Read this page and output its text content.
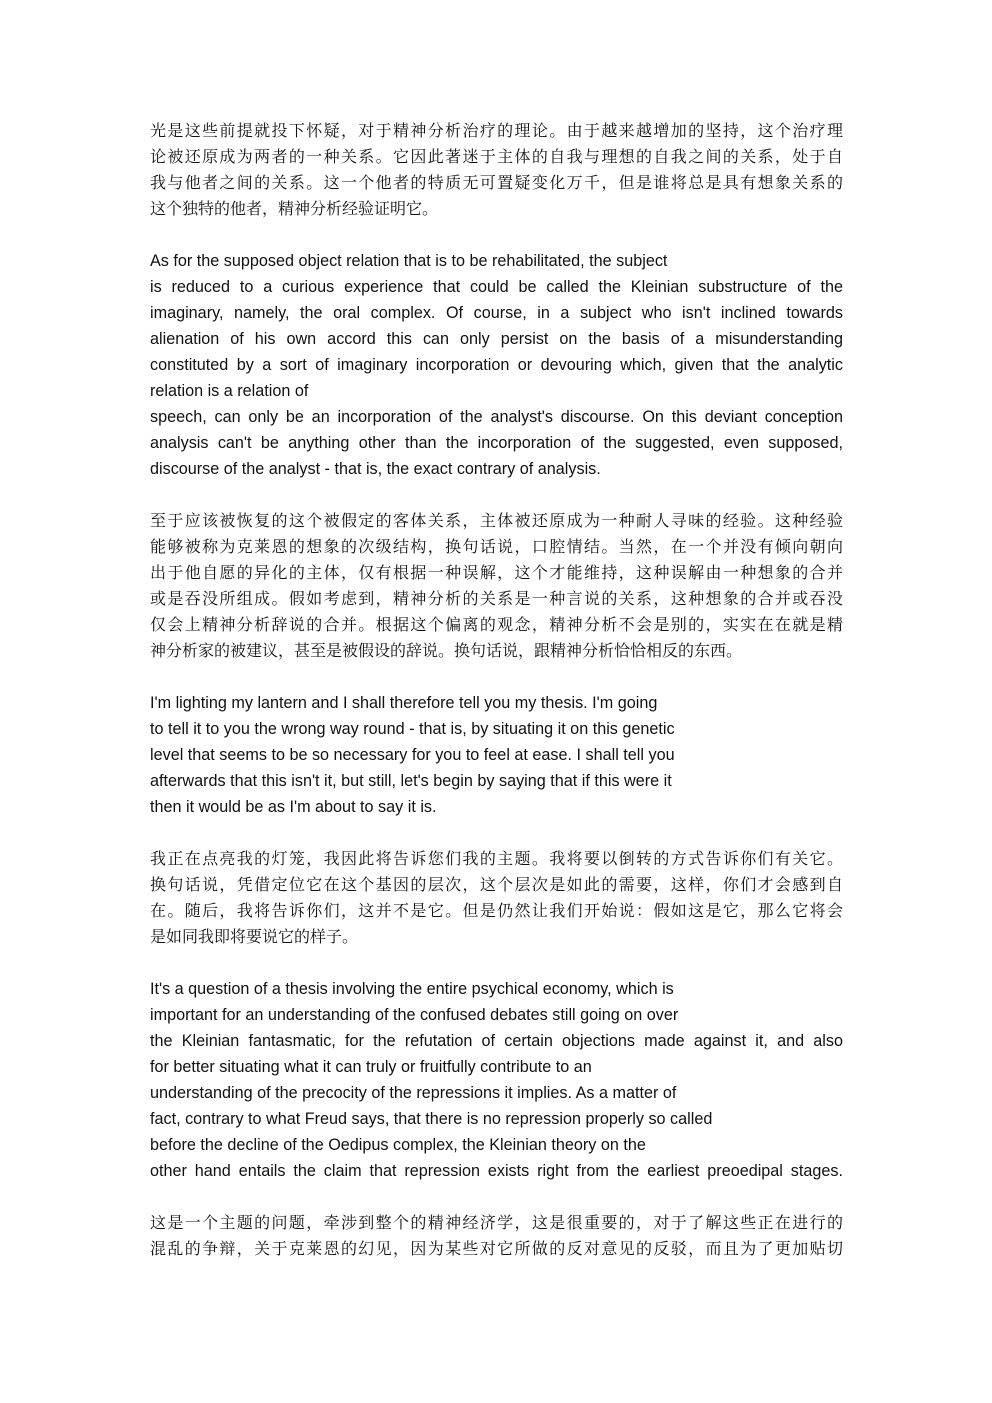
光是这些前提就投下怀疑，对于精神分析治疗的理论。由于越来越增加的坚持，这个治疗理
论被还原成为两者的一种关系。它因此著迷于主体的自我与理想的自我之间的关系，处于自
我与他者之间的关系。这一个他者的特质无可置疑变化万千，但是谁将总是具有想象关系的
这个独特的他者，精神分析经验证明它。
As for the supposed object relation that is to be rehabilitated, the subject
is reduced to a curious experience that could be called the Kleinian substructure of the
imaginary, namely, the oral complex. Of course, in a subject who isn't inclined towards
alienation of his own accord this can only persist on the basis of a misunderstanding
constituted by a sort of imaginary incorporation or devouring which, given that the analytic
relation is a relation of
speech, can only be an incorporation of the analyst's discourse. On this deviant conception
analysis can't be anything other than the incorporation of the suggested, even supposed,
discourse of the analyst - that is, the exact contrary of analysis.
至于应该被恢复的这个被假定的客体关系，主体被还原成为一种耐人寻味的经验。这种经验
能够被称为克莱恩的想象的次级结构，换句话说，口腔情结。当然，在一个并没有倾向朝向
出于他自愿的异化的主体，仅有根据一种误解，这个才能维持，这种误解由一种想象的合并
或是吞没所组成。假如考虑到，精神分析的关系是一种言说的关系，这种想象的合并或吞没
仅会上精神分析辞说的合并。根据这个偏离的观念，精神分析不会是别的，实实在在就是精
神分析家的被建议，甚至是被假设的辞说。换句话说，跟精神分析恰恰相反的东西。
I'm lighting my lantern and I shall therefore tell you my thesis. I'm going
to tell it to you the wrong way round - that is, by situating it on this genetic
level that seems to be so necessary for you to feel at ease. I shall tell you
afterwards that this isn't it, but still, let's begin by saying that if this were it
then it would be as I'm about to say it is.
我正在点亮我的灯笼，我因此将告诉您们我的主题。我将要以倒转的方式告诉你们有关它。
换句话说，凭借定位它在这个基因的层次，这个层次是如此的需要，这样，你们才会感到自
在。随后，我将告诉你们，这并不是它。但是仍然让我们开始说：假如这是它，那么它将会
是如同我即将要说它的样子。
It's a question of a thesis involving the entire psychical economy, which is
important for an understanding of the confused debates still going on over
the Kleinian fantasmatic, for the refutation of certain objections made against it, and also
for better situating what it can truly or fruitfully contribute to an
understanding of the precocity of the repressions it implies. As a matter of
fact, contrary to what Freud says, that there is no repression properly so called
before the decline of the Oedipus complex, the Kleinian theory on the
other hand entails the claim that repression exists right from the earliest preoedipal stages.
这是一个主题的问题，牵涉到整个的精神经济学，这是很重要的，对于了解这些正在进行的
混乱的争辩，关于克莱恩的幻见，因为某些对它所做的反对意见的反驳，而且为了更加贴切
